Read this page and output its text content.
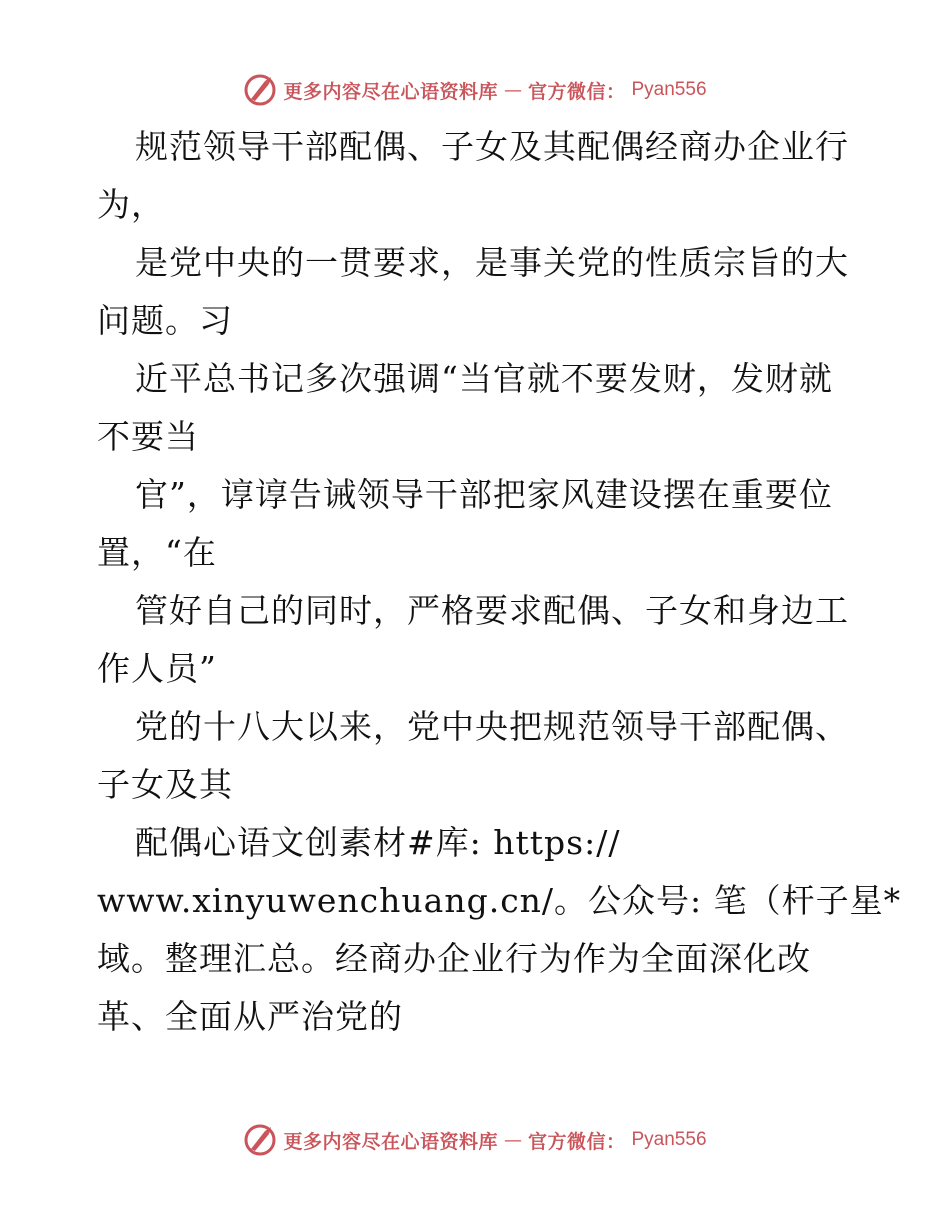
更多内容尽在心语资料库 — 官方微信： Pyan556
规范领导干部配偶、子女及其配偶经商办企业行
为，
是党中央的一贯要求，是事关党的性质宗旨的大
问题。习
近平总书记多次强调“当官就不要发财，发财就
不要当
官”，谆谆告诫领导干部把家风建设摆在重要位
置，“在
管好自己的同时，严格要求配偶、子女和身边工
作人员”
党的十八大以来，党中央把规范领导干部配偶、
子女及其
配偶心语文创素材#库: https://
www.xinyuwenchuang.cn/。公众号: 笔（杆子星*
域。整理汇总。经商办企业行为作为全面深化改
革、全面从严治党的
更多内容尽在心语资料库 — 官方微信： Pyan556
